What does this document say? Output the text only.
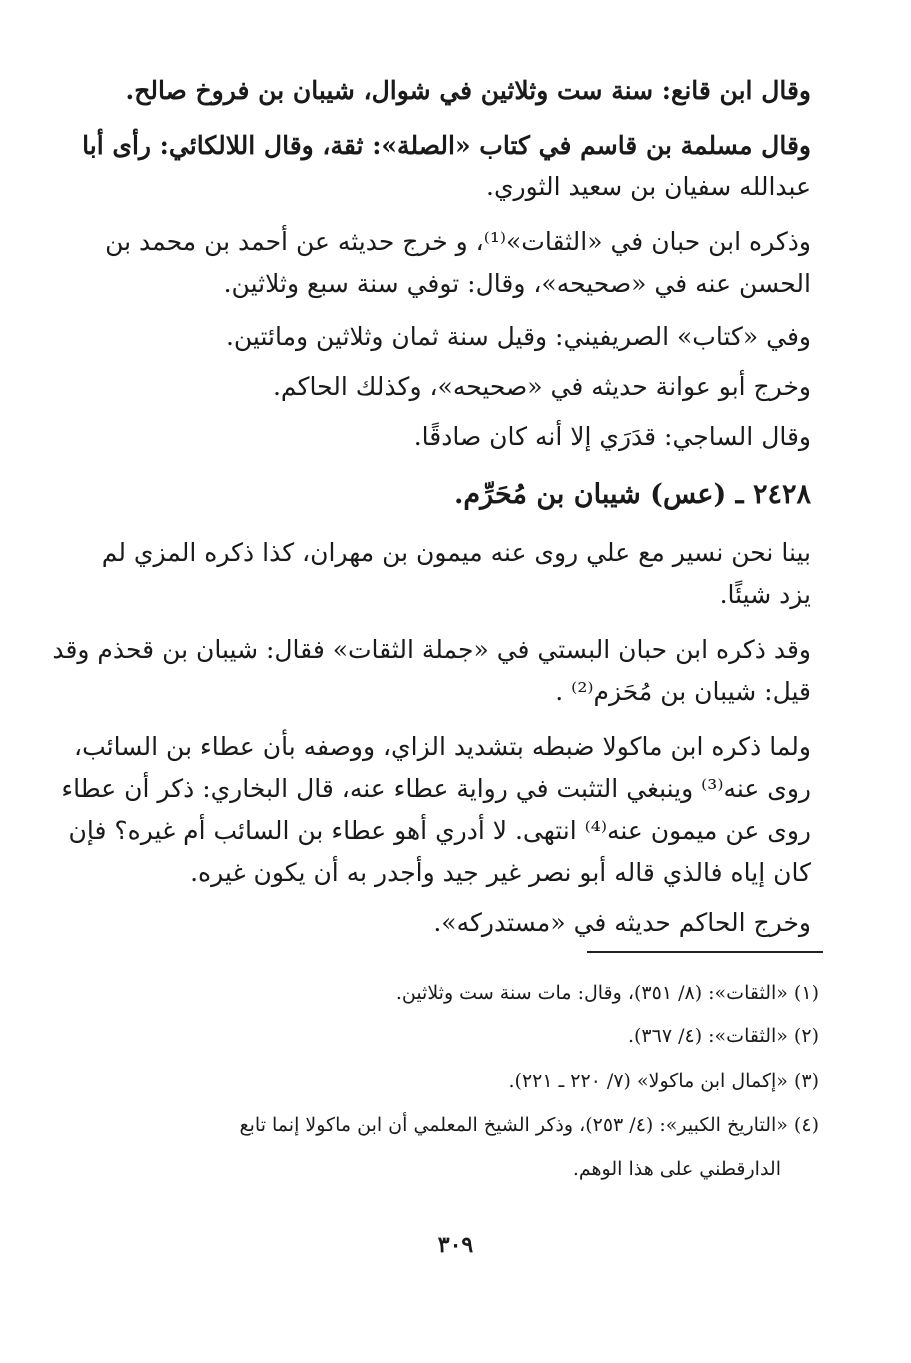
وقال ابن قانع: سنة ست وثلاثين في شوال، شيبان بن فروخ صالح.
وقال مسلمة بن قاسم في كتاب «الصلة»: ثقة، وقال اللالكائي: رأى أبا
عبدالله سفيان بن سعيد الثوري.
وذكره ابن حبان في «الثقات»⁽¹⁾، و خرج حديثه عن أحمد بن محمد بن
الحسن عنه في «صحيحه»، وقال: توفي سنة سبع وثلاثين.
وفي «كتاب» الصريفيني: وقيل سنة ثمان وثلاثين ومائتين.
وخرج أبو عوانة حديثه في «صحيحه»، وكذلك الحاكم.
وقال الساجي: قدَرَي إلا أنه كان صادقًا.
٢٤٢٨ ـ (عس) شيبان بن مُحَرِّم.
بينا نحن نسير مع علي روى عنه ميمون بن مهران، كذا ذكره المزي لم
يزد شيئًا.
وقد ذكره ابن حبان البستي في «جملة الثقات» فقال: شيبان بن قحذم وقد
قيل: شيبان بن مُحَزم⁽²⁾ .
ولما ذكره ابن ماكولا ضبطه بتشديد الزاي، ووصفه بأن عطاء بن السائب،
روى عنه⁽³⁾ وينبغي التثبت في رواية عطاء عنه، قال البخاري: ذكر أن عطاء
روى عن ميمون عنه⁽⁴⁾ انتهى. لا أدري أهو عطاء بن السائب أم غيره؟ فإن
كان إياه فالذي قاله أبو نصر غير جيد وأجدر به أن يكون غيره.
وخرج الحاكم حديثه في «مستدركه».
(١) «الثقات»: (٨/ ٣٥١)، وقال: مات سنة ست وثلاثين.
(٢) «الثقات»: (٤/ ٣٦٧).
(٣) «إكمال ابن ماكولا» (٧/ ٢٢٠ ـ ٢٢١).
(٤) «التاريخ الكبير»: (٤/ ٢٥٣)، وذكر الشيخ المعلمي أن ابن ماكولا إنما تابع
الدارقطني على هذا الوهم.
٣٠٩
